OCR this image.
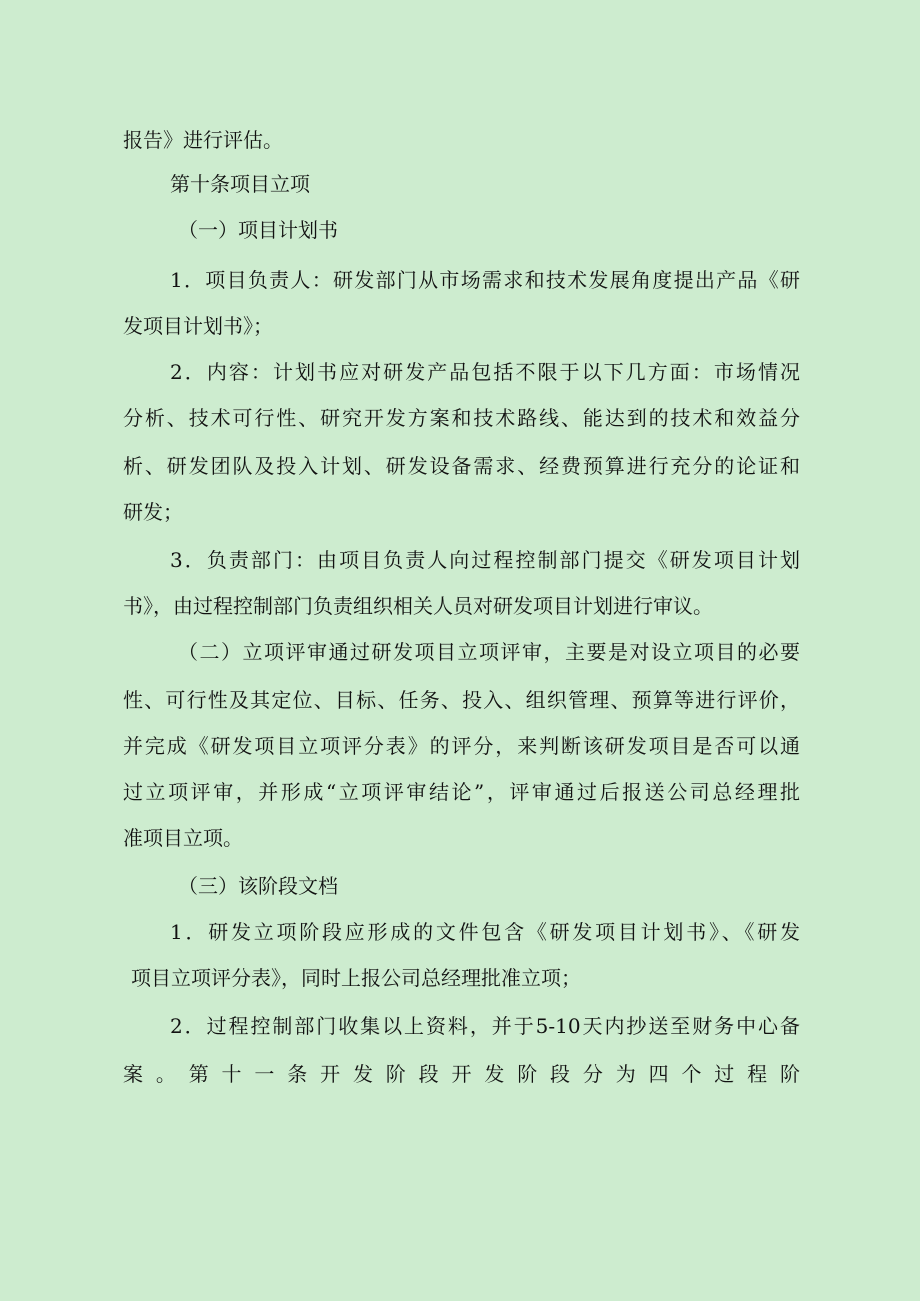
报告》进行评估。
第十条项目立项
（一）项目计划书
1．项目负责人：研发部门从市场需求和技术发展角度提出产品《研
发项目计划书》；
2．内容：计划书应对研发产品包括不限于以下几方面：市场情况
分析、技术可行性、研究开发方案和技术路线、能达到的技术和效益分
析、研发团队及投入计划、研发设备需求、经费预算进行充分的论证和
研发；
3．负责部门：由项目负责人向过程控制部门提交《研发项目计划
书》，由过程控制部门负责组织相关人员对研发项目计划进行审议。
（二）立项评审通过研发项目立项评审，主要是对设立项目的必要
性、可行性及其定位、目标、任务、投入、组织管理、预算等进行评价，
并完成《研发项目立项评分表》的评分，来判断该研发项目是否可以通
过立项评审，并形成“立项评审结论”，评审通过后报送公司总经理批
准项目立项。
（三）该阶段文档
1．研发立项阶段应形成的文件包含《研发项目计划书》、《研发
项目立项评分表》，同时上报公司总经理批准立项；
2．过程控制部门收集以上资料，并于5-10天内抄送至财务中心备
案。第十一条开发阶段开发阶段分为四个过程阶
